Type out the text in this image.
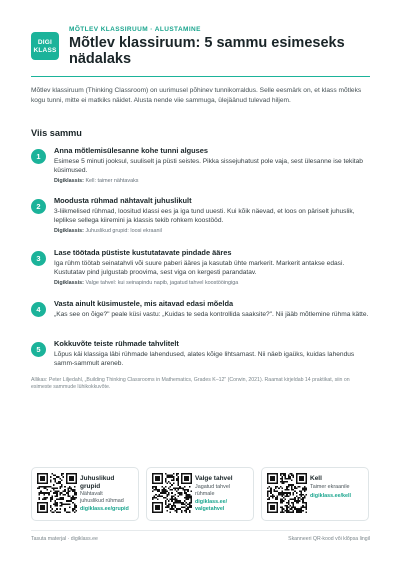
DIGI
KLASS
MÕTLEV KLASSIRUUM · ALUSTAMINE
Mõtlev klassiruum: 5 sammu esimeseks nädalaks

Mõtlev klassiruum (Thinking Classroom) on uurimusel põhinev tunnikorraldus. Selle eesmärk on, et klass mõtleks kogu tunni, mitte ei matkiks näidet. Alusta nende viie sammuga, ülejäänud tulevad hiljem.

Viis sammu
1
Anna mõtlemisülesanne kohe tunni alguses
Esimese 5 minuti jooksul, suuliselt ja püsti seistes. Pikka sissejuhatust pole vaja, sest ülesanne ise tekitab küsimused.
Digiklassis: Kell: taimer nähtavaks
2
Moodusta rühmad nähtavalt juhuslikult
3-liikmelised rühmad, loositud klassi ees ja iga tund uuesti. Kui kõik näevad, et loos on päriselt juhuslik, leplikse sellega kiiremini ja klassis tekib rohkem koostööd.
Digiklassis: Juhuslikud grupid: loosi ekraanil
3
Lase töötada püstiste kustutatavate pindade ääres
Iga rühm töötab seinatahvli või suure paberi ääres ja kasutab ühte markerit. Markerit antakse edasi. Kustutatav pind julgustab proovima, sest viga on kergesti parandatav.
Digiklassis: Valge tahvel: kui seinapindu napib, jagatud tahvel koostööingiga
4
Vasta ainult küsimustele, mis aitavad edasi mõelda
„Kas see on õige?" peale küsi vastu: „Kuidas te seda kontrollida saaksite?". Nii jääb mõtlemine rühma kätte.
5
Kokkuvõte teiste rühmade tahvlitelt
Lõpus käi klassiga läbi rühmade lahendused, alates kõige lihtsamast. Nii näeb igaüks, kuidas lahendus samm-sammult areneb.

Allikas: Peter Liljedahl, „Building Thinking Classrooms in Mathematics, Grades K–12" (Corwin, 2021). Raamat kirjeldab 14 praktikat, siin on esimeste sammude lühikokkuvõte.

Juhuslikud
grupid
Nähtavalt
juhuslikud rühmad
digiklass.ee/grupid
Valge tahvel
Jagatud tahvel
rühmale
digiklass.ee/
valgetahvel
Kell
Taimer ekraanile
digiklass.ee/kell
Tasuta materjal · digiklass.ee	Skanneeri QR-kood või klõpsa lingil
